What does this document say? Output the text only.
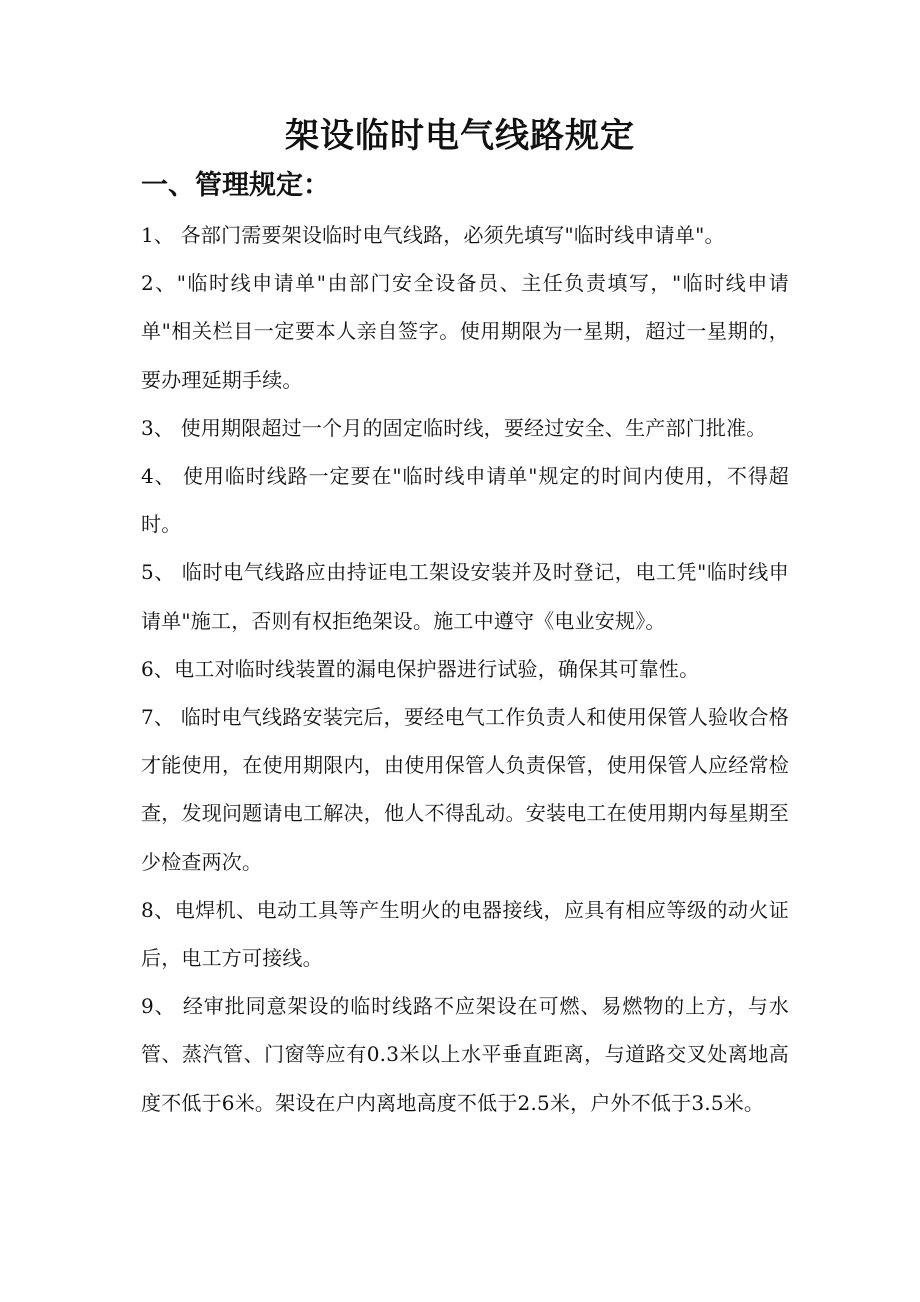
架设临时电气线路规定
一、管理规定：

1、 各部门需要架设临时电气线路，必须先填写"临时线申请单"。

2、"临时线申请单"由部门安全设备员、主任负责填写，"临时线申请单"相关栏目一定要本人亲自签字。使用期限为一星期，超过一星期的，要办理延期手续。

3、 使用期限超过一个月的固定临时线，要经过安全、生产部门批准。

4、 使用临时线路一定要在"临时线申请单"规定的时间内使用，不得超时。

5、 临时电气线路应由持证电工架设安装并及时登记，电工凭"临时线申请单"施工，否则有权拒绝架设。施工中遵守《电业安规》。

6、电工对临时线装置的漏电保护器进行试验，确保其可靠性。

7、 临时电气线路安装完后，要经电气工作负责人和使用保管人验收合格才能使用，在使用期限内，由使用保管人负责保管，使用保管人应经常检查，发现问题请电工解决，他人不得乱动。安装电工在使用期内每星期至少检查两次。

8、电焊机、电动工具等产生明火的电器接线，应具有相应等级的动火证后，电工方可接线。

9、 经审批同意架设的临时线路不应架设在可燃、易燃物的上方，与水管、蒸汽管、门窗等应有0.3米以上水平垂直距离，与道路交叉处离地高度不低于6米。架设在户内离地高度不低于2.5米，户外不低于3.5米。
